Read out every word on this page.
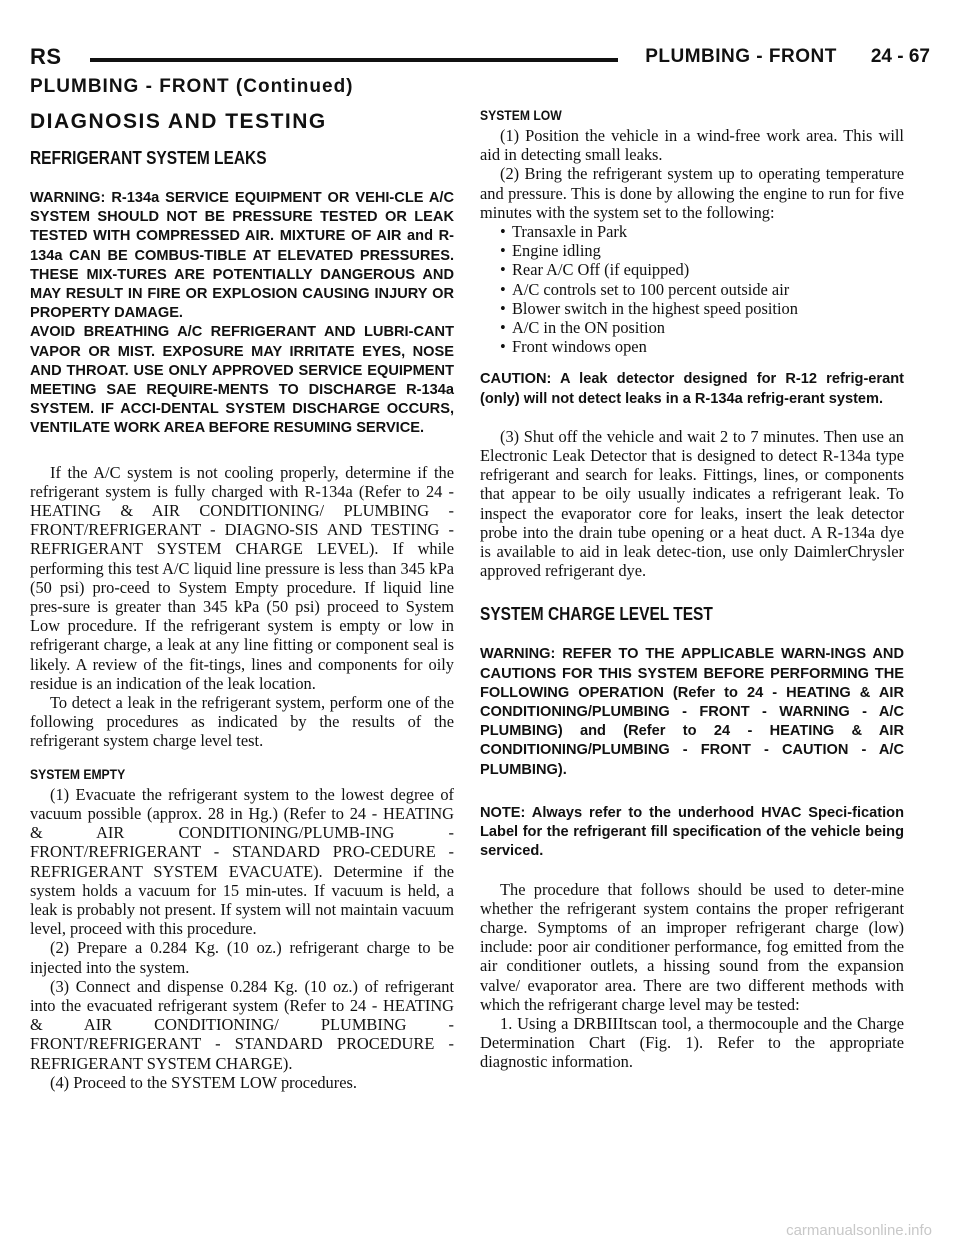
RS	PLUMBING - FRONT 24 - 67
PLUMBING - FRONT (Continued)
DIAGNOSIS AND TESTING
REFRIGERANT SYSTEM LEAKS

WARNING: R-134a SERVICE EQUIPMENT OR VEHI-CLE A/C SYSTEM SHOULD NOT BE PRESSURE TESTED OR LEAK TESTED WITH COMPRESSED AIR. MIXTURE OF AIR and R-134a CAN BE COMBUS-TIBLE AT ELEVATED PRESSURES. THESE MIX-TURES ARE POTENTIALLY DANGEROUS AND MAY RESULT IN FIRE OR EXPLOSION CAUSING INJURY OR PROPERTY DAMAGE.

AVOID BREATHING A/C REFRIGERANT AND LUBRI-CANT VAPOR OR MIST. EXPOSURE MAY IRRITATE EYES, NOSE AND THROAT. USE ONLY APPROVED SERVICE EQUIPMENT MEETING SAE REQUIRE-MENTS TO DISCHARGE R-134a SYSTEM. IF ACCI-DENTAL SYSTEM DISCHARGE OCCURS, VENTILATE WORK AREA BEFORE RESUMING SERVICE.

If the A/C system is not cooling properly, determine if the refrigerant system is fully charged with R-134a (Refer to 24 - HEATING & AIR CONDITIONING/ PLUMBING - FRONT/REFRIGERANT - DIAGNO-SIS AND TESTING - REFRIGERANT SYSTEM CHARGE LEVEL). If while performing this test A/C liquid line pressure is less than 345 kPa (50 psi) pro-ceed to System Empty procedure. If liquid line pres-sure is greater than 345 kPa (50 psi) proceed to System Low procedure. If the refrigerant system is empty or low in refrigerant charge, a leak at any line fitting or component seal is likely. A review of the fit-tings, lines and components for oily residue is an indication of the leak location.

To detect a leak in the refrigerant system, perform one of the following procedures as indicated by the results of the refrigerant system charge level test.

SYSTEM EMPTY

(1) Evacuate the refrigerant system to the lowest degree of vacuum possible (approx. 28 in Hg.) (Refer to 24 - HEATING & AIR CONDITIONING/PLUMB-ING - FRONT/REFRIGERANT - STANDARD PRO-CEDURE - REFRIGERANT SYSTEM EVACUATE). Determine if the system holds a vacuum for 15 min-utes. If vacuum is held, a leak is probably not present. If system will not maintain vacuum level, proceed with this procedure.

(2) Prepare a 0.284 Kg. (10 oz.) refrigerant charge to be injected into the system.

(3) Connect and dispense 0.284 Kg. (10 oz.) of refrigerant into the evacuated refrigerant system (Refer to 24 - HEATING & AIR CONDITIONING/ PLUMBING - FRONT/REFRIGERANT - STANDARD PROCEDURE - REFRIGERANT SYSTEM CHARGE).

(4) Proceed to the SYSTEM LOW procedures.

SYSTEM LOW

(1) Position the vehicle in a wind-free work area. This will aid in detecting small leaks.

(2) Bring the refrigerant system up to operating temperature and pressure. This is done by allowing the engine to run for five minutes with the system set to the following:

• Transaxle in Park
• Engine idling
• Rear A/C Off (if equipped)
• A/C controls set to 100 percent outside air
• Blower switch in the highest speed position
• A/C in the ON position
• Front windows open

CAUTION: A leak detector designed for R-12 refrig-erant (only) will not detect leaks in a R-134a refrig-erant system.

(3) Shut off the vehicle and wait 2 to 7 minutes. Then use an Electronic Leak Detector that is designed to detect R-134a type refrigerant and search for leaks. Fittings, lines, or components that appear to be oily usually indicates a refrigerant leak. To inspect the evaporator core for leaks, insert the leak detector probe into the drain tube opening or a heat duct. A R-134a dye is available to aid in leak detec-tion, use only DaimlerChrysler approved refrigerant dye.

SYSTEM CHARGE LEVEL TEST

WARNING: REFER TO THE APPLICABLE WARN-INGS AND CAUTIONS FOR THIS SYSTEM BEFORE PERFORMING THE FOLLOWING OPERATION (Refer to 24 - HEATING & AIR CONDITIONING/PLUMBING - FRONT - WARNING - A/C PLUMBING) and (Refer to 24 - HEATING & AIR CONDITIONING/PLUMBING - FRONT - CAUTION - A/C PLUMBING).

NOTE: Always refer to the underhood HVAC Speci-fication Label for the refrigerant fill specification of the vehicle being serviced.

The procedure that follows should be used to deter-mine whether the refrigerant system contains the proper refrigerant charge. Symptoms of an improper refrigerant charge (low) include: poor air conditioner performance, fog emitted from the air conditioner outlets, a hissing sound from the expansion valve/ evaporator area. There are two different methods with which the refrigerant charge level may be tested:

1. Using a DRBIIItscan tool, a thermocouple and the Charge Determination Chart (Fig. 1). Refer to the appropriate diagnostic information.

carmanualsonline.info
